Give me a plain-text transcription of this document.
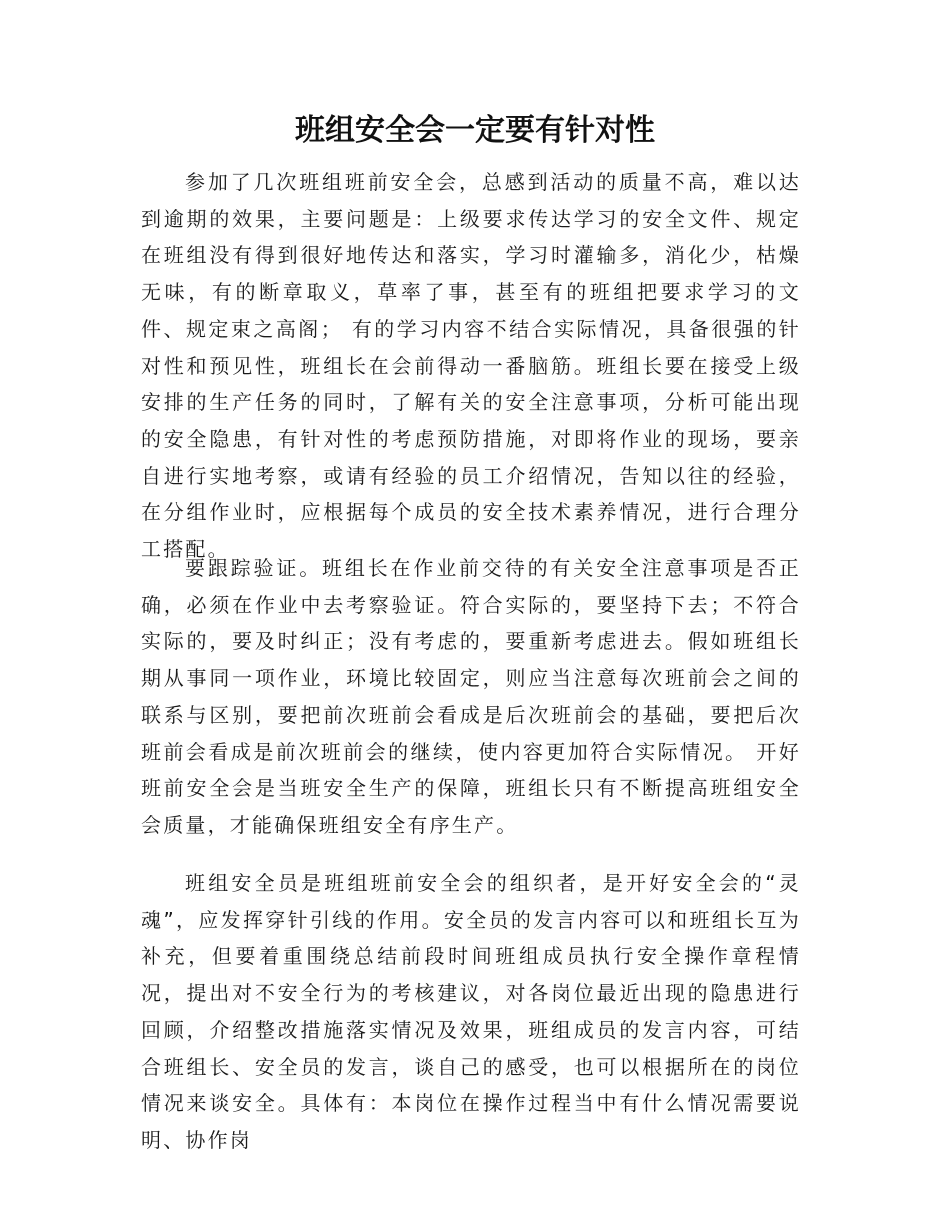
班组安全会一定要有针对性

参加了几次班组班前安全会，总感到活动的质量不高，难以达到逾期的效果，主要问题是：上级要求传达学习的安全文件、规定在班组没有得到很好地传达和落实，学习时灌输多，消化少，枯燥无味，有的断章取义，草率了事，甚至有的班组把要求学习的文件、规定束之高阁； 有的学习内容不结合实际情况，具备很强的针对性和预见性，班组长在会前得动一番脑筋。班组长要在接受上级安排的生产任务的同时，了解有关的安全注意事项，分析可能出现的安全隐患，有针对性的考虑预防措施，对即将作业的现场，要亲自进行实地考察，或请有经验的员工介绍情况，告知以往的经验，在分组作业时，应根据每个成员的安全技术素养情况，进行合理分工搭配。

要跟踪验证。班组长在作业前交待的有关安全注意事项是否正确，必须在作业中去考察验证。符合实际的，要坚持下去；不符合实际的，要及时纠正；没有考虑的，要重新考虑进去。假如班组长期从事同一项作业，环境比较固定，则应当注意每次班前会之间的联系与区别，要把前次班前会看成是后次班前会的基础，要把后次班前会看成是前次班前会的继续，使内容更加符合实际情况。 开好班前安全会是当班安全生产的保障，班组长只有不断提高班组安全会质量，才能确保班组安全有序生产。

班组安全员是班组班前安全会的组织者，是开好安全会的“灵魂”，应发挥穿针引线的作用。安全员的发言内容可以和班组长互为补充，但要着重围绕总结前段时间班组成员执行安全操作章程情况，提出对不安全行为的考核建议，对各岗位最近出现的隐患进行回顾，介绍整改措施落实情况及效果，班组成员的发言内容，可结合班组长、安全员的发言，谈自己的感受，也可以根据所在的岗位情况来谈安全。具体有：本岗位在操作过程当中有什么情况需要说明、协作岗
